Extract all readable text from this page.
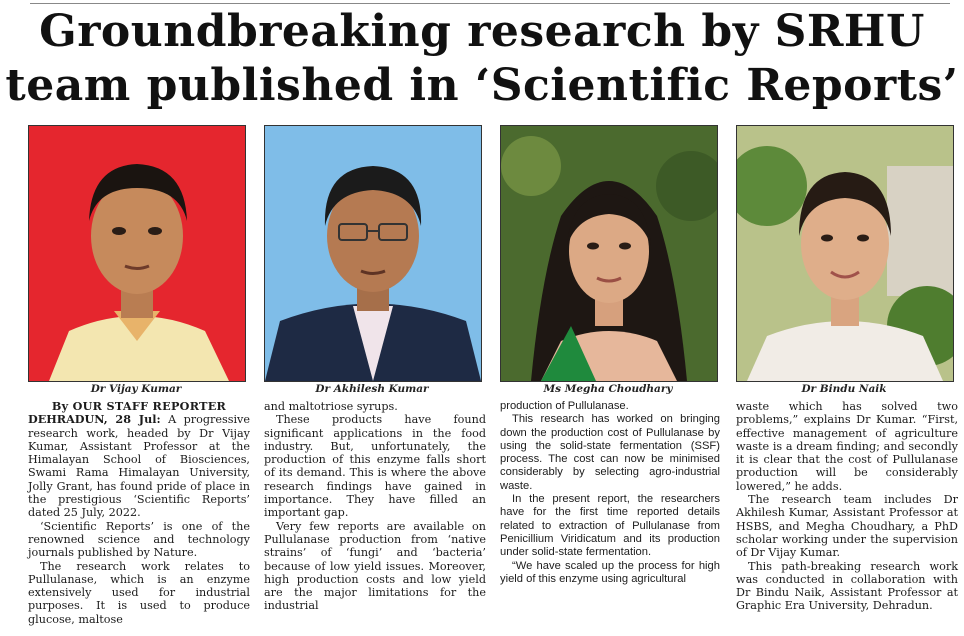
Groundbreaking research by SRHU
team published in ‘Scientific Reports’
Dr Vijay Kumar	Dr Akhilesh Kumar	Ms Megha Choudhary	Dr Bindu Naik

By OUR STAFF REPORTER

DEHRADUN, 28 Jul: A progressive research work, headed by Dr Vijay Kumar, Assistant Professor at the Himalayan School of Biosciences, Swami Rama Himalayan University, Jolly Grant, has found pride of place in the prestigious ‘Scientific Reports’ dated 25 July, 2022.

‘Scientific Reports’ is one of the renowned science and technology journals published by Nature.

The research work relates to Pullulanase, which is an enzyme extensively used for industrial purposes. It is used to produce glucose, maltose

and maltotriose syrups.

These products have found significant applications in the food industry. But, unfortunately, the production of this enzyme falls short of its demand. This is where the above research findings have gained in importance. They have filled an important gap.

Very few reports are available on Pullulanase production from ‘native strains’ of ‘fungi’ and ‘bacteria’ because of low yield issues. Moreover, high production costs and low yield are the major limitations for the industrial

production of Pullulanase.

This research has worked on bringing down the production cost of Pullulanase by using the solid-state fermentation (SSF) process. The cost can now be minimised considerably by selecting agro-industrial waste.

In the present report, the researchers have for the first time reported details related to extraction of Pullulanase from Penicillium Viridicatum and its production under solid-state fermentation.

“We have scaled up the process for high yield of this enzyme using agricultural

waste which has solved two problems,” explains Dr Kumar. “First, effective management of agriculture waste is a dream finding; and secondly it is clear that the cost of Pullulanase production will be considerably lowered,” he adds.

The research team includes Dr Akhilesh Kumar, Assistant Professor at HSBS, and Megha Choudhary, a PhD scholar working under the supervision of Dr Vijay Kumar.

This path-breaking research work was conducted in collaboration with Dr Bindu Naik, Assistant Professor at Graphic Era University, Dehradun.
